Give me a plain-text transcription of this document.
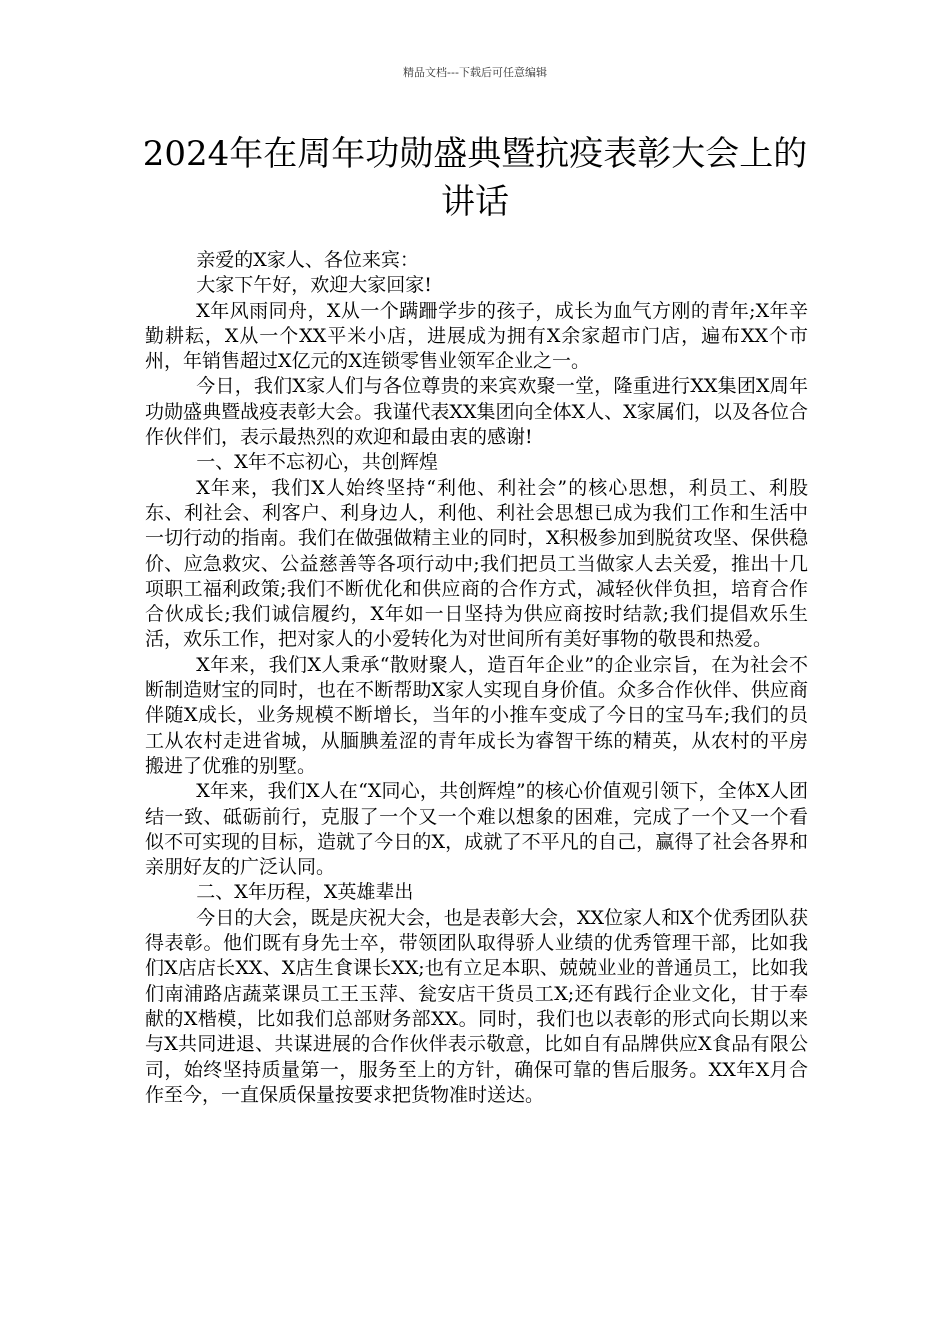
精品文档---下载后可任意编辑
2024年在周年功勋盛典暨抗疫表彰大会上的讲话

亲爱的X家人、各位来宾：

大家下午好，欢迎大家回家!

X年风雨同舟，X从一个蹒跚学步的孩子，成长为血气方刚的青年;X年辛勤耕耘，X从一个XX平米小店，进展成为拥有X余家超市门店，遍布XX个市州，年销售超过X亿元的X连锁零售业领军企业之一。

今日，我们X家人们与各位尊贵的来宾欢聚一堂，隆重进行XX集团X周年功勋盛典暨战疫表彰大会。我谨代表XX集团向全体X人、X家属们，以及各位合作伙伴们，表示最热烈的欢迎和最由衷的感谢!

一、X年不忘初心，共创辉煌

X年来，我们X人始终坚持“利他、利社会”的核心思想，利员工、利股东、利社会、利客户、利身边人，利他、利社会思想已成为我们工作和生活中一切行动的指南。我们在做强做精主业的同时，X积极参加到脱贫攻坚、保供稳价、应急救灾、公益慈善等各项行动中;我们把员工当做家人去关爱，推出十几项职工福利政策;我们不断优化和供应商的合作方式，减轻伙伴负担，培育合作合伙成长;我们诚信履约，X年如一日坚持为供应商按时结款;我们提倡欢乐生活，欢乐工作，把对家人的小爱转化为对世间所有美好事物的敬畏和热爱。

X年来，我们X人秉承“散财聚人，造百年企业”的企业宗旨，在为社会不断制造财宝的同时，也在不断帮助X家人实现自身价值。众多合作伙伴、供应商伴随X成长，业务规模不断增长，当年的小推车变成了今日的宝马车;我们的员工从农村走进省城，从腼腆羞涩的青年成长为睿智干练的精英，从农村的平房搬进了优雅的别墅。

X年来，我们X人在“X同心，共创辉煌”的核心价值观引领下，全体X人团结一致、砥砺前行，克服了一个又一个难以想象的困难，完成了一个又一个看似不可实现的目标，造就了今日的X，成就了不平凡的自己，赢得了社会各界和亲朋好友的广泛认同。

二、X年历程，X英雄辈出

今日的大会，既是庆祝大会，也是表彰大会，XX位家人和X个优秀团队获得表彰。他们既有身先士卒，带领团队取得骄人业绩的优秀管理干部，比如我们X店店长XX、X店生食课长XX;也有立足本职、兢兢业业的普通员工，比如我们南浦路店蔬菜课员工王玉萍、瓮安店干货员工X;还有践行企业文化，甘于奉献的X楷模，比如我们总部财务部XX。同时，我们也以表彰的形式向长期以来与X共同进退、共谋进展的合作伙伴表示敬意，比如自有品牌供应X食品有限公司，始终坚持质量第一，服务至上的方针，确保可靠的售后服务。XX年X月合作至今，一直保质保量按要求把货物准时送达。
